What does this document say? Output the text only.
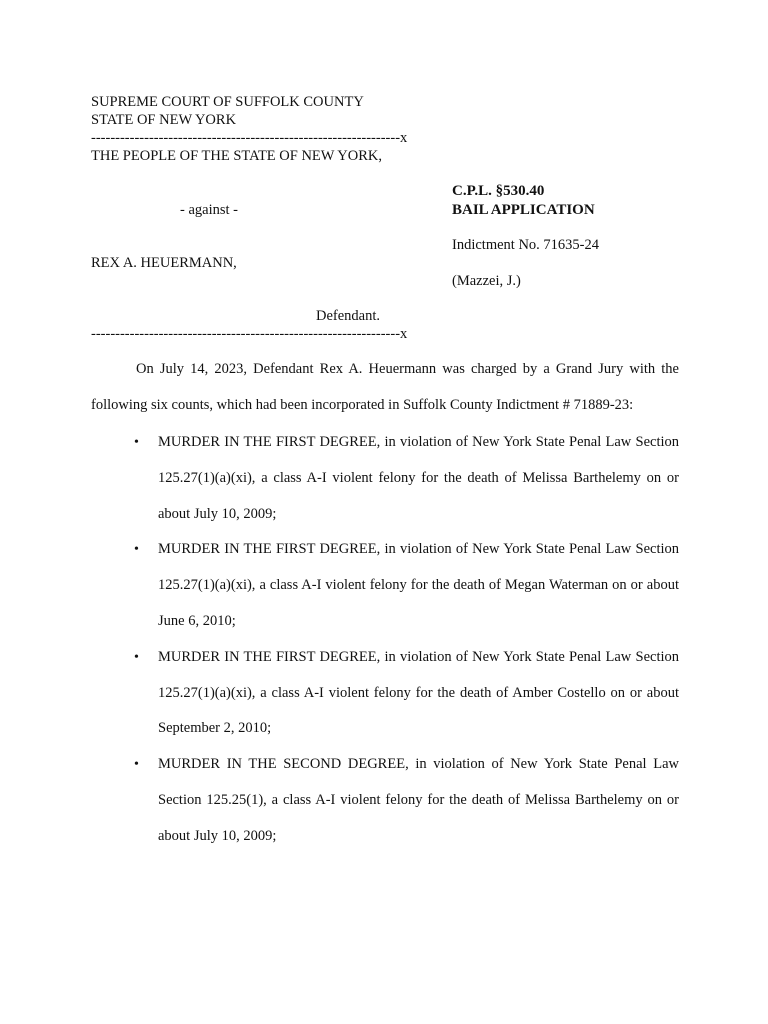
SUPREME COURT OF SUFFOLK COUNTY
STATE OF NEW YORK
----------------------------------------------------------------x
THE PEOPLE OF THE STATE OF NEW YORK,
- against -
REX A. HEUERMANN,
Defendant.
----------------------------------------------------------------x
C.P.L. §530.40
BAIL APPLICATION
Indictment No. 71635-24
(Mazzei, J.)
On July 14, 2023, Defendant Rex A. Heuermann was charged by a Grand Jury with the following six counts, which had been incorporated in Suffolk County Indictment # 71889-23:
• MURDER IN THE FIRST DEGREE, in violation of New York State Penal Law Section 125.27(1)(a)(xi), a class A-I violent felony for the death of Melissa Barthelemy on or about July 10, 2009;
• MURDER IN THE FIRST DEGREE, in violation of New York State Penal Law Section 125.27(1)(a)(xi), a class A-I violent felony for the death of Megan Waterman on or about June 6, 2010;
• MURDER IN THE FIRST DEGREE, in violation of New York State Penal Law Section 125.27(1)(a)(xi), a class A-I violent felony for the death of Amber Costello on or about September 2, 2010;
• MURDER IN THE SECOND DEGREE, in violation of New York State Penal Law Section 125.25(1), a class A-I violent felony for the death of Melissa Barthelemy on or about July 10, 2009;
